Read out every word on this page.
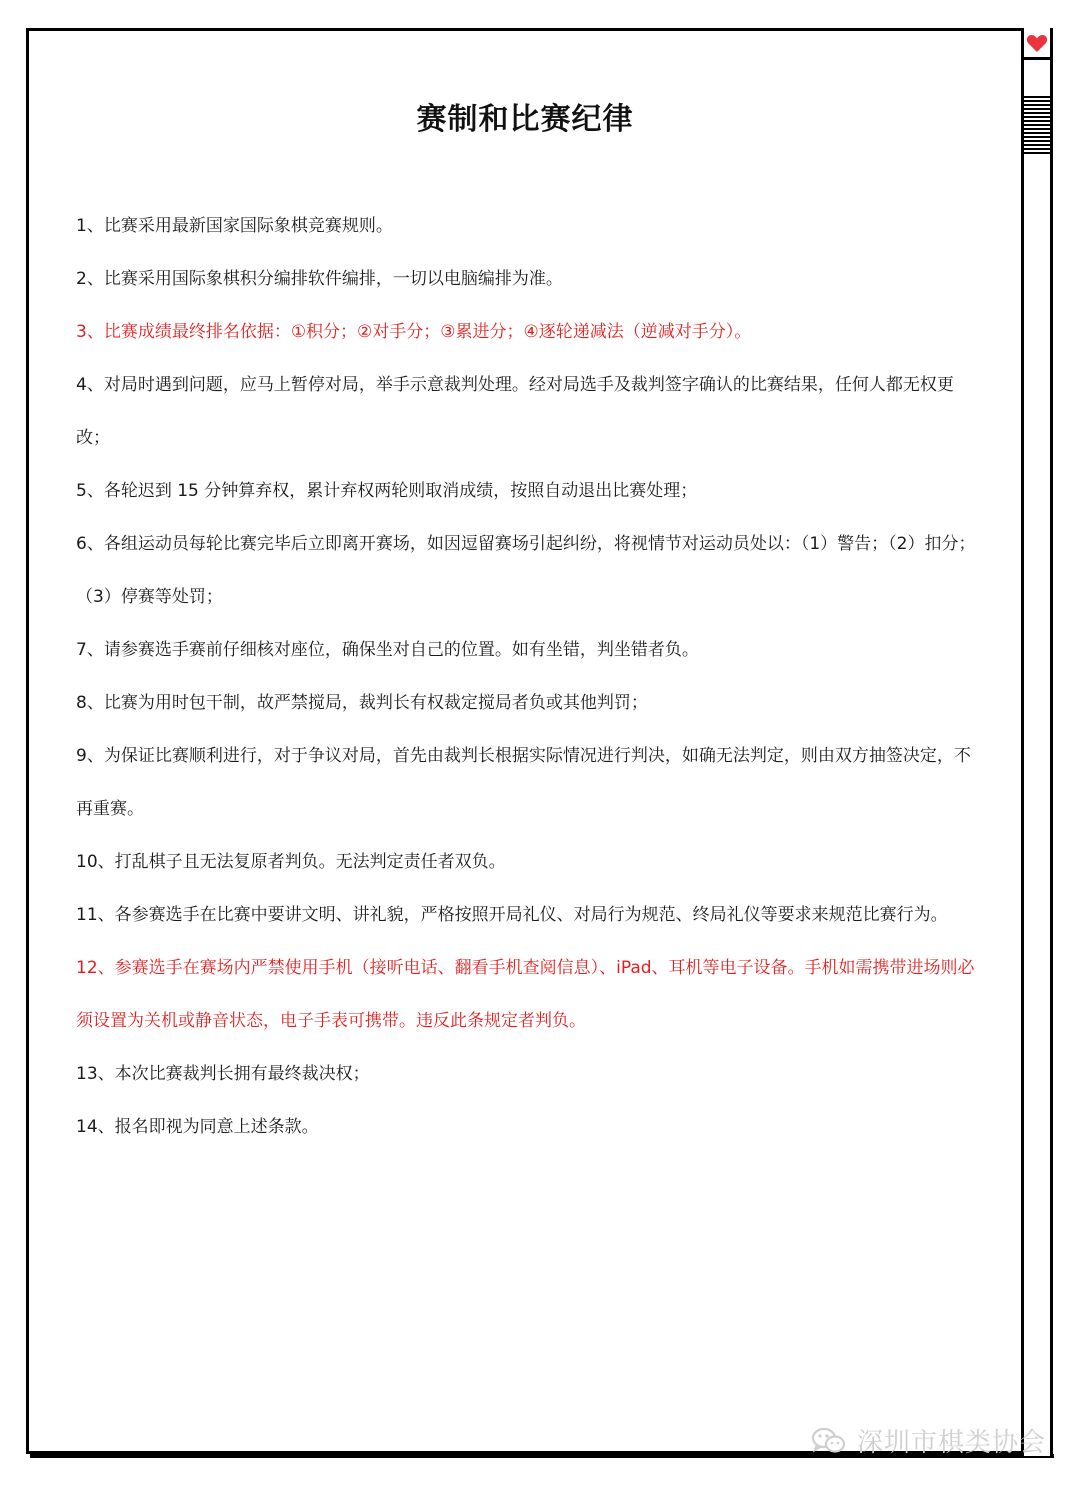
赛制和比赛纪律
1、比赛采用最新国家国际象棋竞赛规则。
2、比赛采用国际象棋积分编排软件编排，一切以电脑编排为准。
3、比赛成绩最终排名依据：①积分；②对手分；③累进分；④逐轮递减法（逆减对手分）。
4、对局时遇到问题，应马上暂停对局，举手示意裁判处理。经对局选手及裁判签字确认的比赛结果，任何人都无权更改；
5、各轮迟到 15 分钟算弃权，累计弃权两轮则取消成绩，按照自动退出比赛处理；
6、各组运动员每轮比赛完毕后立即离开赛场，如因逗留赛场引起纠纷，将视情节对运动员处以：（1）警告；（2）扣分；（3）停赛等处罚；
7、请参赛选手赛前仔细核对座位，确保坐对自己的位置。如有坐错，判坐错者负。
8、比赛为用时包干制，故严禁搅局，裁判长有权裁定搅局者负或其他判罚；
9、为保证比赛顺利进行，对于争议对局，首先由裁判长根据实际情况进行判决，如确无法判定，则由双方抽签决定，不再重赛。
10、打乱棋子且无法复原者判负。无法判定责任者双负。
11、各参赛选手在比赛中要讲文明、讲礼貌，严格按照开局礼仪、对局行为规范、终局礼仪等要求来规范比赛行为。
12、参赛选手在赛场内严禁使用手机（接听电话、翻看手机查阅信息）、iPad、耳机等电子设备。手机如需携带进场则必须设置为关机或静音状态，电子手表可携带。违反此条规定者判负。
13、本次比赛裁判长拥有最终裁决权；
14、报名即视为同意上述条款。
深圳市棋类协会
